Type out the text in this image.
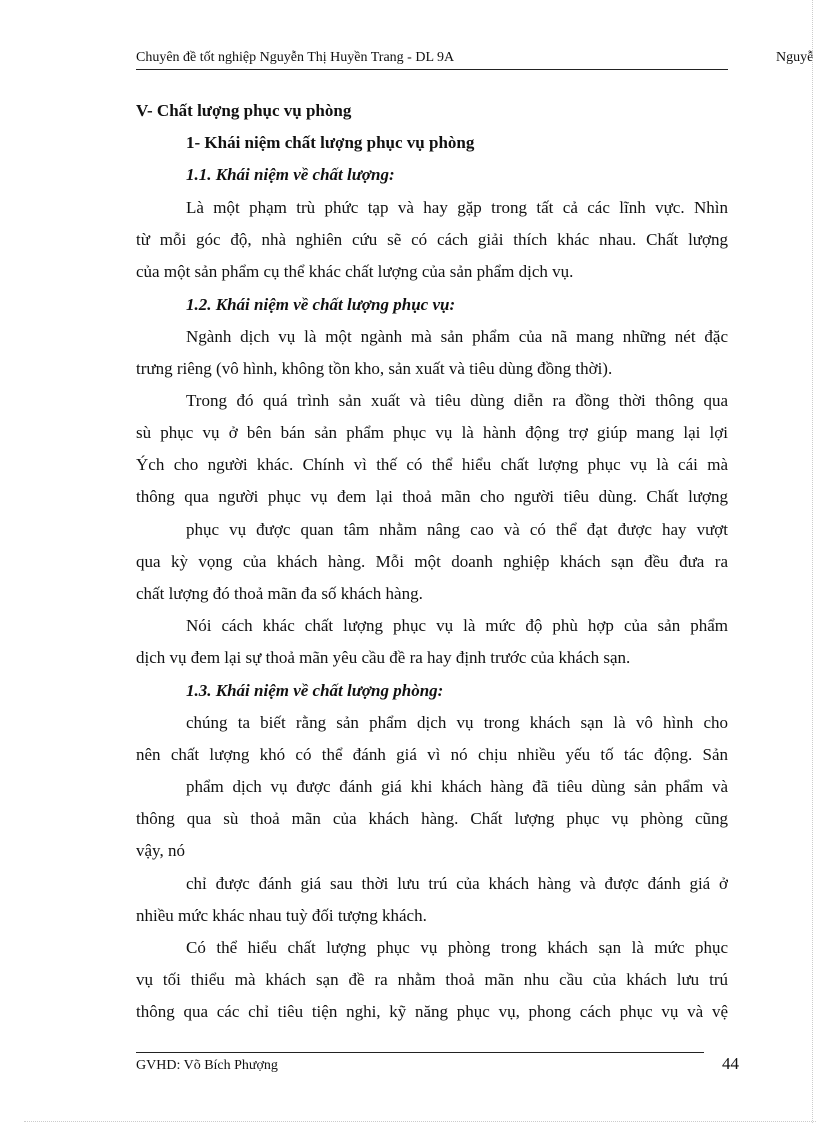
Chuyên đề tốt nghiệp Nguyễn Thị Huyền Trang - DL 9A	Nguyễ
V- Chất lượng phục vụ phòng
1- Khái niệm chất lượng phục vụ phòng
1.1. Khái niệm về chất lượng:
Là một phạm trù phức tạp và hay gặp trong tất cả các lĩnh vực. Nhìn
từ mỗi góc độ, nhà nghiên cứu sẽ có cách giải thích khác nhau. Chất lượng
của một sản phẩm cụ thể khác chất lượng của sản phẩm dịch vụ.
1.2. Khái niệm về chất lượng phục vụ:
Ngành dịch vụ là một ngành mà sản phẩm của nã mang những nét đặc
trưng riêng (vô hình, không tồn kho, sản xuất và tiêu dùng đồng thời).
Trong đó quá trình sản xuất và tiêu dùng diễn ra đồng thời thông qua
sù phục vụ ở bên bán sản phẩm phục vụ là hành động trợ giúp mang lại lợi
Ých cho người khác. Chính vì thế có thể hiểu chất lượng phục vụ là cái mà
thông qua người phục vụ đem lại thoả mãn cho người tiêu dùng. Chất lượng
phục vụ được quan tâm nhằm nâng cao và có thể đạt được hay vượt
qua kỳ vọng của khách hàng. Mỗi một doanh nghiệp khách sạn đều đưa ra
chất lượng đó thoả mãn đa số khách hàng.
Nói cách khác chất lượng phục vụ là mức độ phù hợp của sản phẩm
dịch vụ đem lại sự thoả mãn yêu cầu đề ra hay định trước của khách sạn.
1.3. Khái niệm về chất lượng phòng:
chúng ta biết rằng sản phẩm dịch vụ trong khách sạn là vô hình cho
nên chất lượng khó có thể đánh giá vì nó chịu nhiều yếu tố tác động. Sản
phẩm dịch vụ được đánh giá khi khách hàng đã tiêu dùng sản phẩm và
thông qua sù thoả mãn của khách hàng. Chất lượng phục vụ phòng cũng
vậy, nó
chỉ được đánh giá sau thời lưu trú của khách hàng và được đánh giá ở
nhiều mức khác nhau tuỳ đối tượng khách.
Có thể hiểu chất lượng phục vụ phòng trong khách sạn là mức phục
vụ tối thiểu mà khách sạn đề ra nhằm thoả mãn nhu cầu của khách lưu trú
thông qua các chỉ tiêu tiện nghi, kỹ năng phục vụ, phong cách phục vụ và vệ
GVHD: Võ Bích Phượng	44
